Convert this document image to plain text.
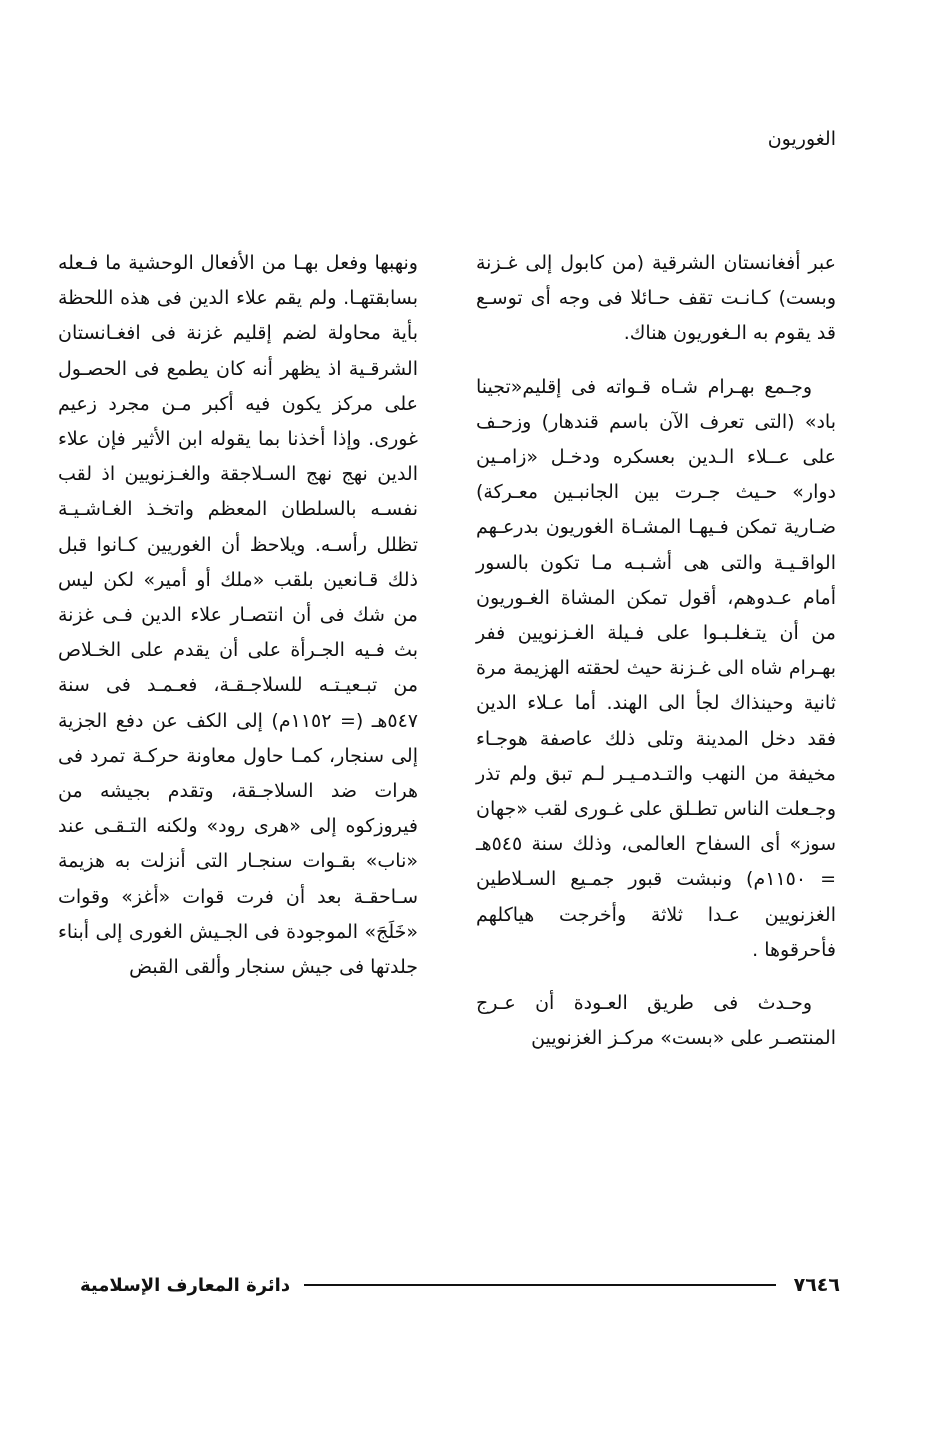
الغوريون

عبر أفغانستان الشرقية (من كابول إلى غـزنة وبست) كـانـت تقف حـائلا فى وجه أى توسـع قد يقوم به الـغوريون هناك.

وجـمع بهـرام شـاه قـواته فى إقليم«تجينا باد» (التى تعرف الآن باسم قندهار) وزحـف على عــلاء الـدين بعسكره ودخـل «زامـين دوار» حـيث جـرت بين الجانبـين معـركة) ضـارية تمكن فـيهـا المشـاة الغوريون بدرعـهم الواقـيـة والتى هى أشـبـه مـا تكون بالسور أمام عـدوهم، أقول تمكن المشاة الغـوريون من أن يتـغلـبـوا على فـيلة الغـزنويين ففر بهـرام شاه الى غـزنة حيث لحقته الهزيمة مرة ثانية وحينذاك لجأ الى الهند. أما عـلاء الدين فقد دخل المدينة وتلى ذلك عاصفة هوجـاء مخيفة من النهب والتـدمـيـر لـم تبق ولم تذر وجـعلت الناس تطـلق على غـورى لقب «جهان سوز» أى السفاح العالمى، وذلك سنة ٥٤٥هـ = ١١٥٠م) ونبشت قبور جمـيع السـلاطين الغزنويين عـدا ثلاثة وأخرجت هياكلهم فأحرقوها .

وحـدث فى طريق العـودة أن عـرج المنتصـر على «بست» مركـز الغزنويين

ونهبها وفعل بهـا من الأفعال الوحشية ما فـعله بسابقتهـا. ولم يقم علاء الدين فى هذه اللحظة بأية محاولة لضم إقليم غزنة فى افغـانستان الشرقـية اذ يظهر أنه كان يطمع فى الحصـول على مركز يكون فيه أكبر مـن مجرد زعيم غورى. وإذا أخذنا بما يقوله ابن الأثير فإن علاء الدين نهج نهج السـلاجقة والغـزنويين اذ لقب نفسـه بالسلطان المعظم واتخـذ الغـاشـيـة تظلل رأسـه. ويلاحظ أن الغوريين كـانوا قبل ذلك قـانعين بلقب «ملك أو أمير» لكن ليس من شك فى أن انتصـار علاء الدين فـى غزنة بث فـيه الجـرأة على أن يقدم على الخـلاص من تبـعيـتـه للسلاجـقـة، فعـمـد فى سنة ٥٤٧هـ (= ١١٥٢م) إلى الكف عن دفع الجزية إلى سنجار، كمـا حاول معاونة حركـة تمرد فى هرات ضد السلاجـقة، وتقدم بجيشه من فيروزكوه إلى «هرى رود» ولكنه التـقـى عند «ناب» بقـوات سنجـار التى أنزلت به هزيمة سـاحقـة بعد أن فرت قوات «أغز» وقوات «خَلَجَ» الموجودة فى الجـيش الغورى إلى أبناء جلدتها فى جيش سنجار وألقى القبض

٧٦٤٦
دائرة المعارف الإسلامية
